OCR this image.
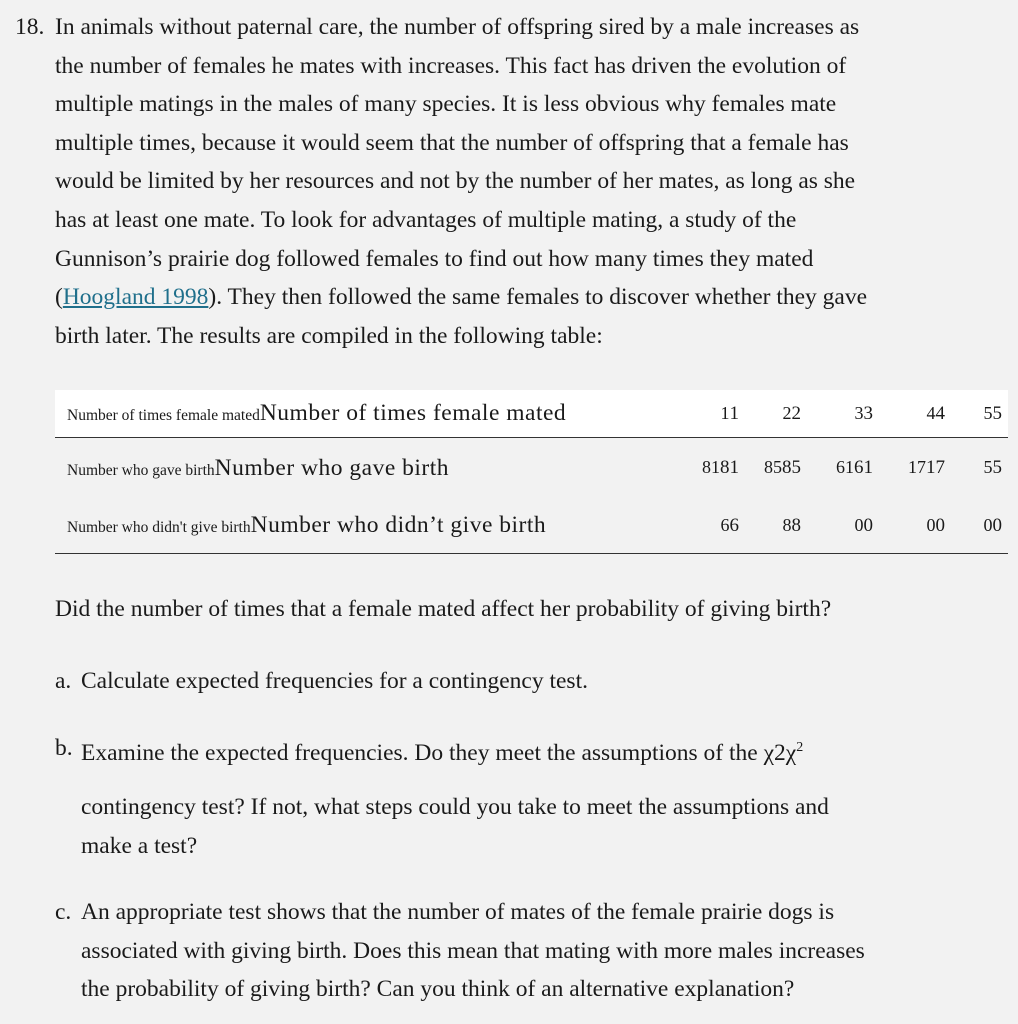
18. In animals without paternal care, the number of offspring sired by a male increases as
the number of females he mates with increases. This fact has driven the evolution of
multiple matings in the males of many species. It is less obvious why females mate
multiple times, because it would seem that the number of offspring that a female has
would be limited by her resources and not by the number of her mates, as long as she
has at least one mate. To look for advantages of multiple mating, a study of the
Gunnison’s prairie dog followed females to find out how many times they mated
(Hoogland 1998). They then followed the same females to discover whether they gave
birth later. The results are compiled in the following table:
Number of times female matedNumber of times female mated	11	22	33	44	55
Number who gave birthNumber who gave birth	8181	8585	6161	1717	55
Number who didn't give birthNumber who didn’t give birth	66	88	00	00	00
Did the number of times that a female mated affect her probability of giving birth?
a. Calculate expected frequencies for a contingency test.
b. Examine the expected frequencies. Do they meet the assumptions of the $\chi 2\chi^2$
contingency test? If not, what steps could you take to meet the assumptions and
make a test?
c. An appropriate test shows that the number of mates of the female prairie dogs is
associated with giving birth. Does this mean that mating with more males increases
the probability of giving birth? Can you think of an alternative explanation?
